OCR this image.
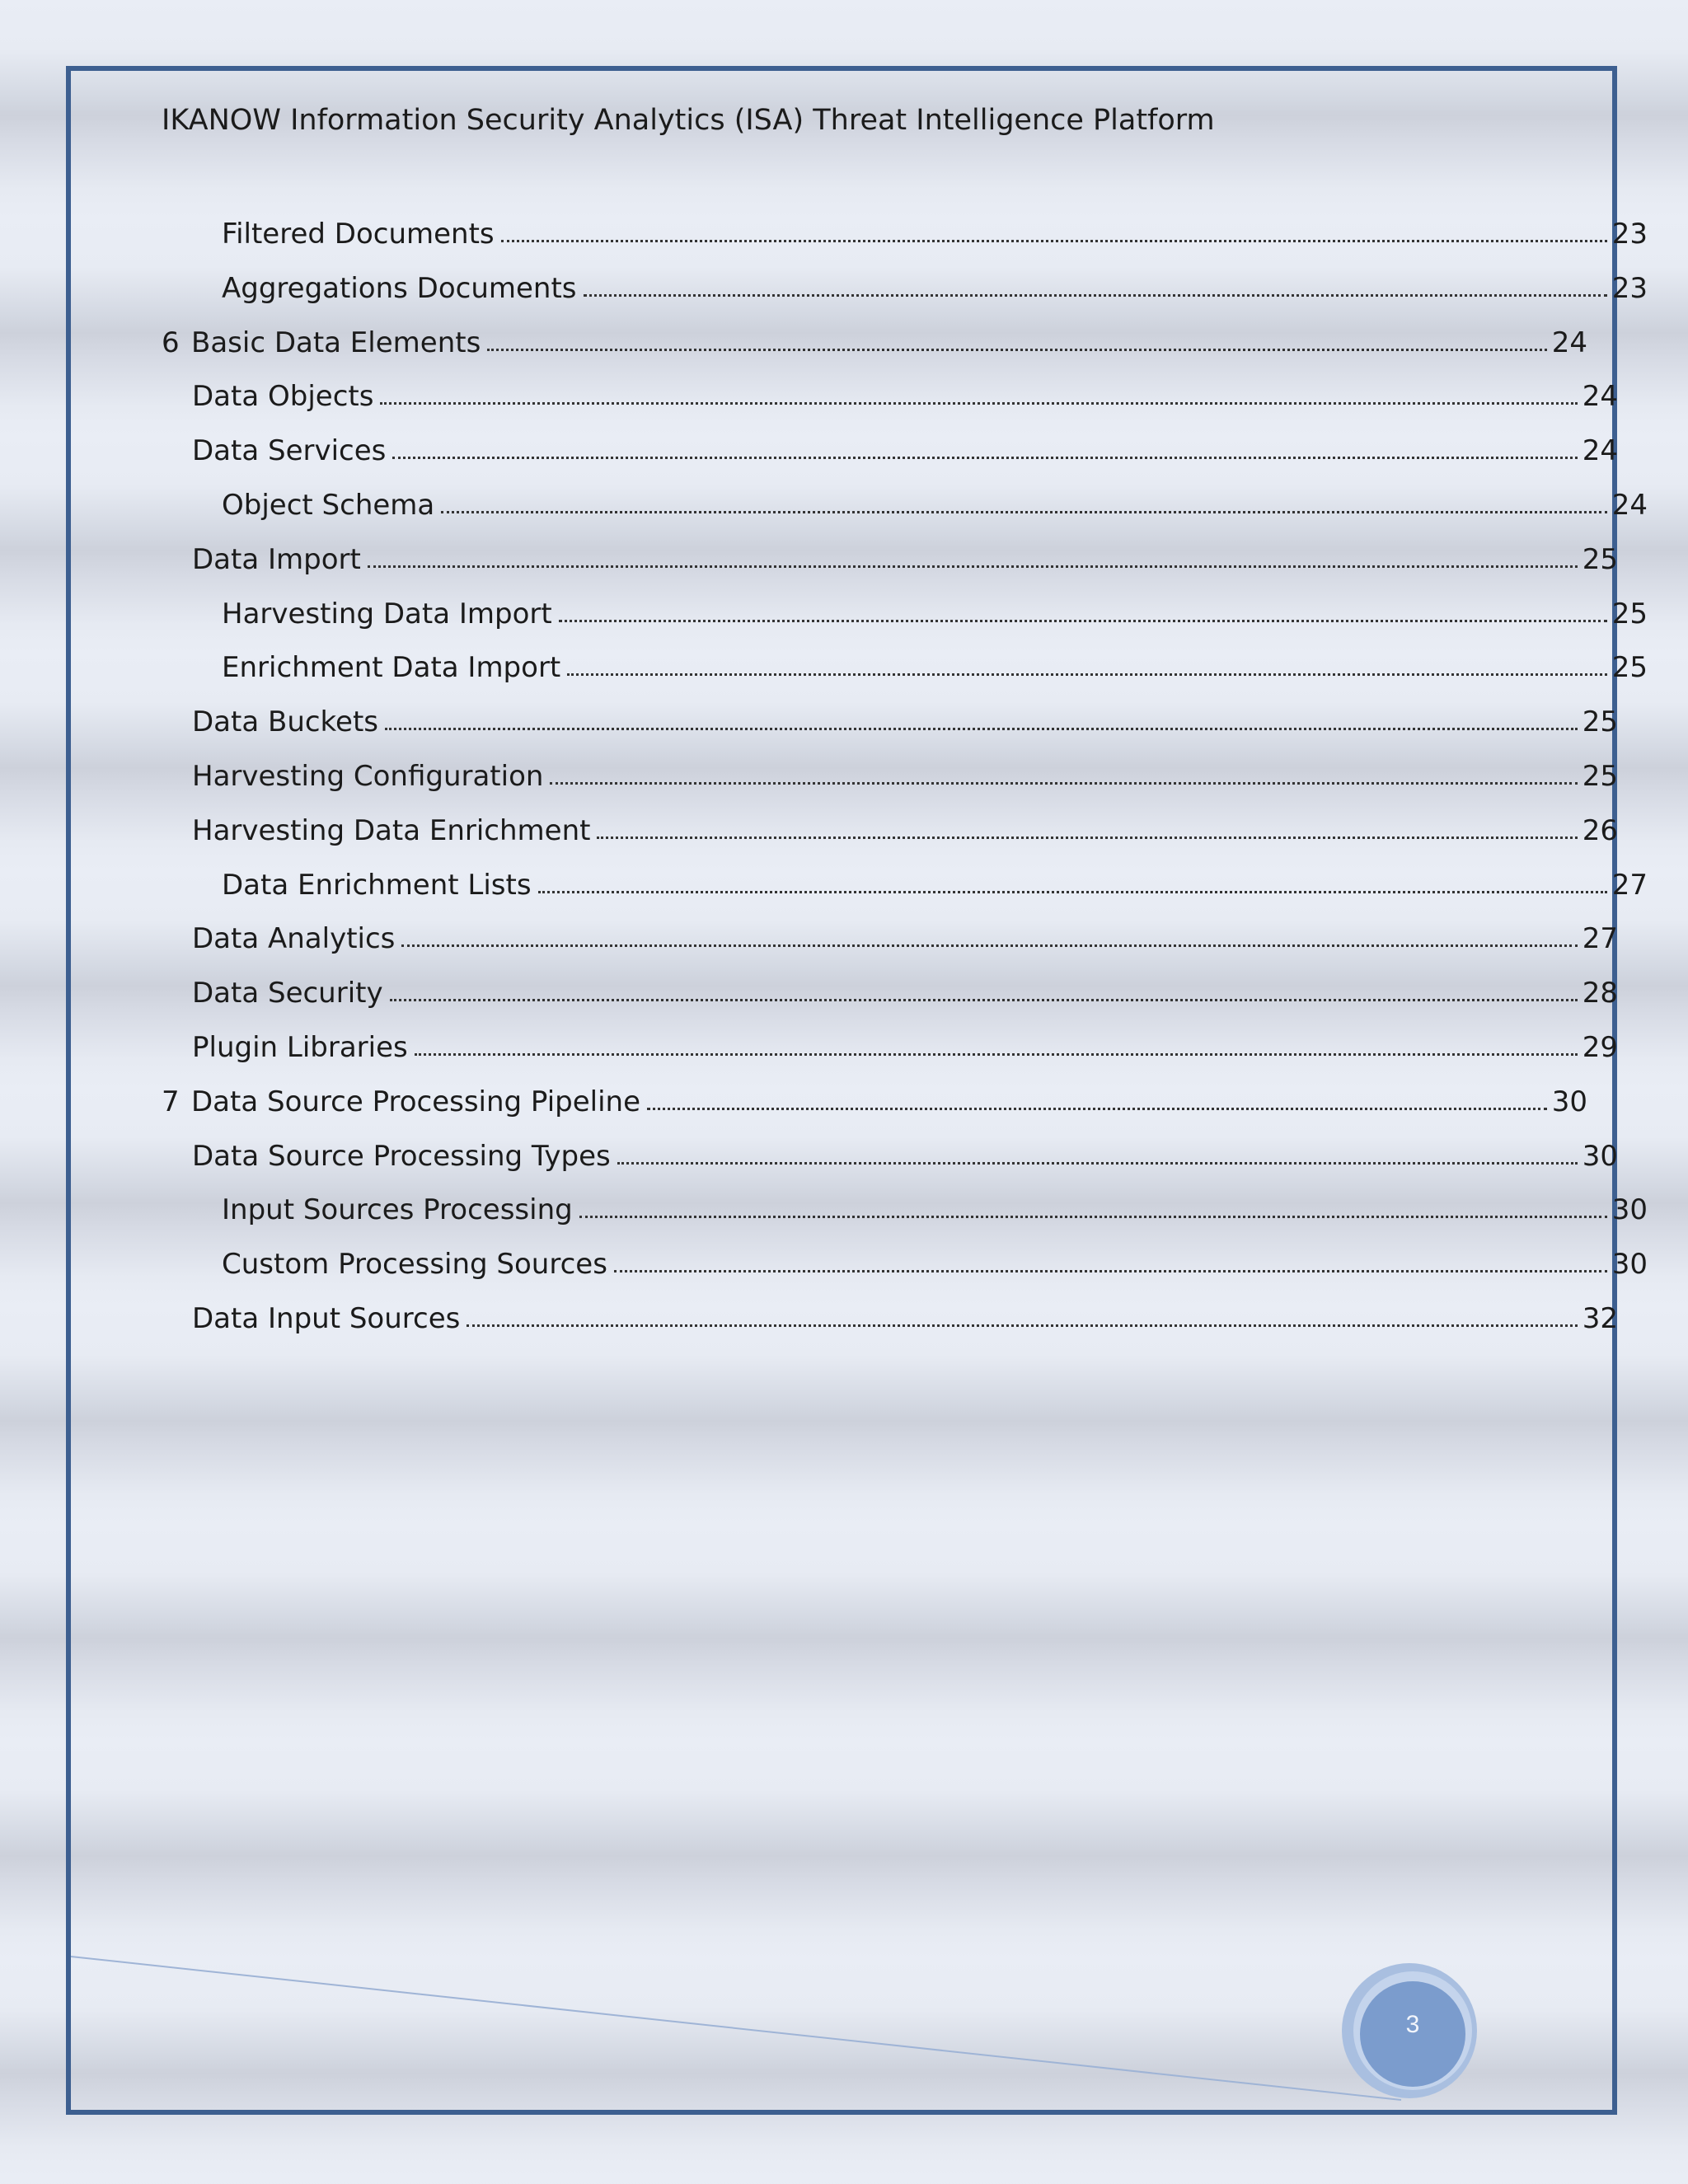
IKANOW Information Security Analytics (ISA) Threat Intelligence Platform
Filtered Documents	23
Aggregations Documents	23
6 Basic Data Elements	24
Data Objects	24
Data Services	24
Object Schema	24
Data Import	25
Harvesting Data Import	25
Enrichment Data Import	25
Data Buckets	25
Harvesting Configuration	25
Harvesting Data Enrichment	26
Data Enrichment Lists	27
Data Analytics	27
Data Security	28
Plugin Libraries	29
7 Data Source Processing Pipeline	30
Data Source Processing Types	30
Input Sources Processing	30
Custom Processing Sources	30
Data Input Sources	32
3
